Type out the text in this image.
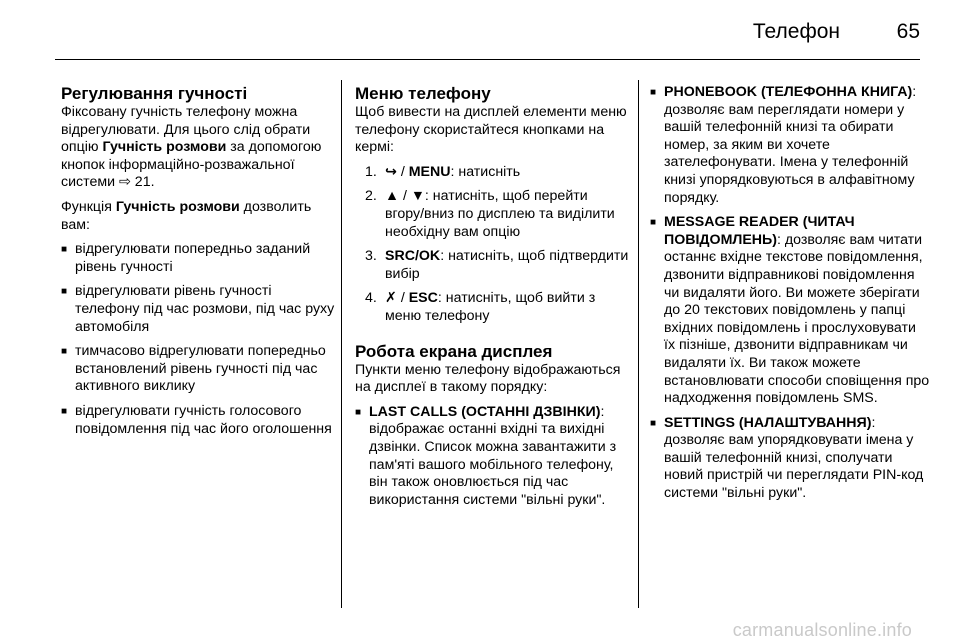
Телефон	65
Регулювання гучності

Фіксовану гучність телефону можна відрегулювати. Для цього слід обрати опцію Гучність розмови за допомогою кнопок інформаційно-розважальної системи ⇨ 21.

Функція Гучність розмови дозволить вам:

■ відрегулювати попередньо заданий рівень гучності
■ відрегулювати рівень гучності телефону під час розмови, під час руху автомобіля
■ тимчасово відрегулювати попередньо встановлений рівень гучності під час активного виклику
■ відрегулювати гучність голосового повідомлення під час його оголошення
Меню телефону

Щоб вивести на дисплей елементи меню телефону скористайтеся кнопками на кермі:

1. ↪ / MENU: натисніть
2. ▲ / ▼: натисніть, щоб перейти вгору/вниз по дисплею та виділити необхідну вам опцію
3. SRC/OK: натисніть, щоб підтвердити вибір
4. ✗ / ESC: натисніть, щоб вийти з меню телефону
Робота екрана дисплея

Пункти меню телефону відображаються на дисплеї в такому порядку:

■ LAST CALLS (ОСТАННІ ДЗВІНКИ): відображає останні вхідні та вихідні дзвінки. Список можна завантажити з пам'яті вашого мобільного телефону, він також оновлюється під час використання системи "вільні руки".
■ PHONEBOOK (ТЕЛЕФОННА КНИГА): дозволяє вам переглядати номери у вашій телефонній книзі та обирати номер, за яким ви хочете зателефонувати. Імена у телефонній книзі упорядковуються в алфавітному порядку.
■ MESSAGE READER (ЧИТАЧ ПОВІДОМЛЕНЬ): дозволяє вам читати останнє вхідне текстове повідомлення, дзвонити відправникові повідомлення чи видаляти його. Ви можете зберігати до 20 текстових повідомлень у папці вхідних повідомлень і прослуховувати їх пізніше, дзвонити відправникам чи видаляти їх. Ви також можете встановлювати способи сповіщення про надходження повідомлень SMS.
■ SETTINGS (НАЛАШТУВАННЯ): дозволяє вам упорядковувати імена у вашій телефонній книзі, сполучати новий пристрій чи переглядати PIN-код системи "вільні руки".
carmanualsonline.info
